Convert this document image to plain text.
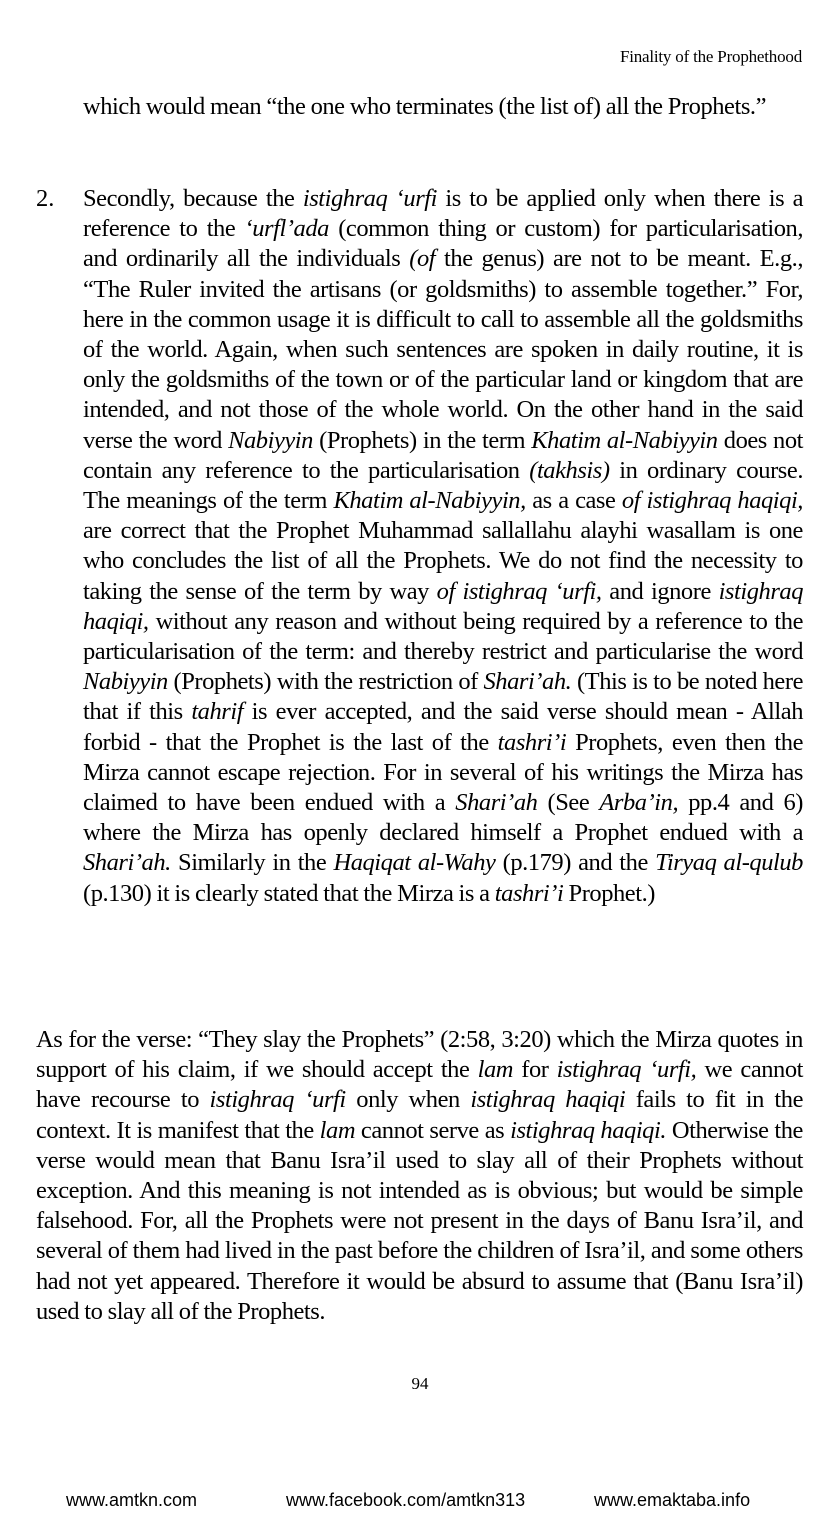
Finality of the Prophethood

which would mean “the one who terminates (the list of) all the Prophets.”

2. Secondly, because the istighraq ‘urfi is to be applied only when there is a reference to the ‘urfl’ada (common thing or custom) for particularisation, and ordinarily all the individuals (of the genus) are not to be meant. E.g., “The Ruler invited the artisans (or goldsmiths) to assemble together.” For, here in the common usage it is difficult to call to assemble all the goldsmiths of the world. Again, when such sentences are spoken in daily routine, it is only the goldsmiths of the town or of the particular land or kingdom that are intended, and not those of the whole world. On the other hand in the said verse the word Nabiyyin (Prophets) in the term Khatim al-Nabiyyin does not contain any reference to the particularisation (takhsis) in ordinary course. The meanings of the term Khatim al-Nabiyyin, as a case of istighraq haqiqi, are correct that the Prophet Muhammad sallallahu alayhi wasallam is one who concludes the list of all the Prophets. We do not find the necessity to taking the sense of the term by way of istighraq ‘urfi, and ignore istighraq haqiqi, without any reason and without being required by a reference to the particularisation of the term: and thereby restrict and particularise the word Nabiyyin (Prophets) with the restriction of Shari’ah. (This is to be noted here that if this tahrif is ever accepted, and the said verse should mean - Allah forbid - that the Prophet is the last of the tashri’i Prophets, even then the Mirza cannot escape rejection. For in several of his writings the Mirza has claimed to have been endued with a Shari’ah (See Arba’in, pp.4 and 6) where the Mirza has openly declared himself a Prophet endued with a Shari’ah. Similarly in the Haqiqat al-Wahy (p.179) and the Tiryaq al-qulub (p.130) it is clearly stated that the Mirza is a tashri’i Prophet.)

As for the verse: “They slay the Prophets” (2:58, 3:20) which the Mirza quotes in support of his claim, if we should accept the lam for istighraq ‘urfi, we cannot have recourse to istighraq ‘urfi only when istighraq haqiqi fails to fit in the context. It is manifest that the lam cannot serve as istighraq haqiqi. Otherwise the verse would mean that Banu Isra’il used to slay all of their Prophets without exception. And this meaning is not intended as is obvious; but would be simple falsehood. For, all the Prophets were not present in the days of Banu Isra’il, and several of them had lived in the past before the children of Isra’il, and some others had not yet appeared. Therefore it would be absurd to assume that (Banu Isra’il) used to slay all of the Prophets.

94
www.amtkn.com	www.facebook.com/amtkn313	www.emaktaba.info
